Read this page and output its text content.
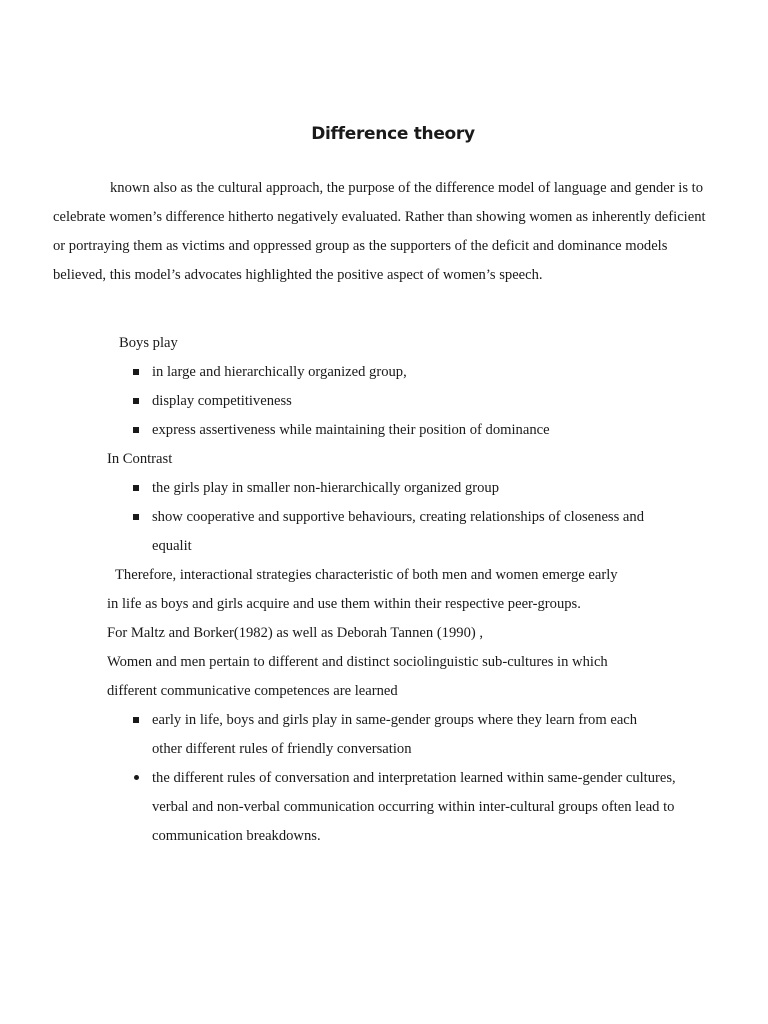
Difference theory

known also as the cultural approach, the purpose of the difference model of language and gender is to celebrate women’s difference hitherto negatively evaluated. Rather than showing women as inherently deficient or portraying them as victims and oppressed group as the supporters of the deficit and dominance models believed, this model’s advocates highlighted the positive aspect of women’s speech.

Boys play

in large and hierarchically organized group,
display competitiveness
express assertiveness while maintaining their position of dominance

In Contrast

the girls play in smaller non-hierarchically organized group
show cooperative and supportive behaviours, creating relationships of closeness and equalit

Therefore, interactional strategies characteristic of both men and women emerge early

in life as boys and girls acquire and use them within their respective peer-groups.

For Maltz and Borker(1982) as well as Deborah Tannen (1990) ,

Women and men pertain to different and distinct sociolinguistic sub-cultures in which

different communicative competences are learned

early in life, boys and girls play in same-gender groups where they learn from each other different rules of friendly conversation
the different rules of conversation and interpretation learned within same-gender cultures, verbal and non-verbal communication occurring within inter-cultural groups often lead to communication breakdowns.
